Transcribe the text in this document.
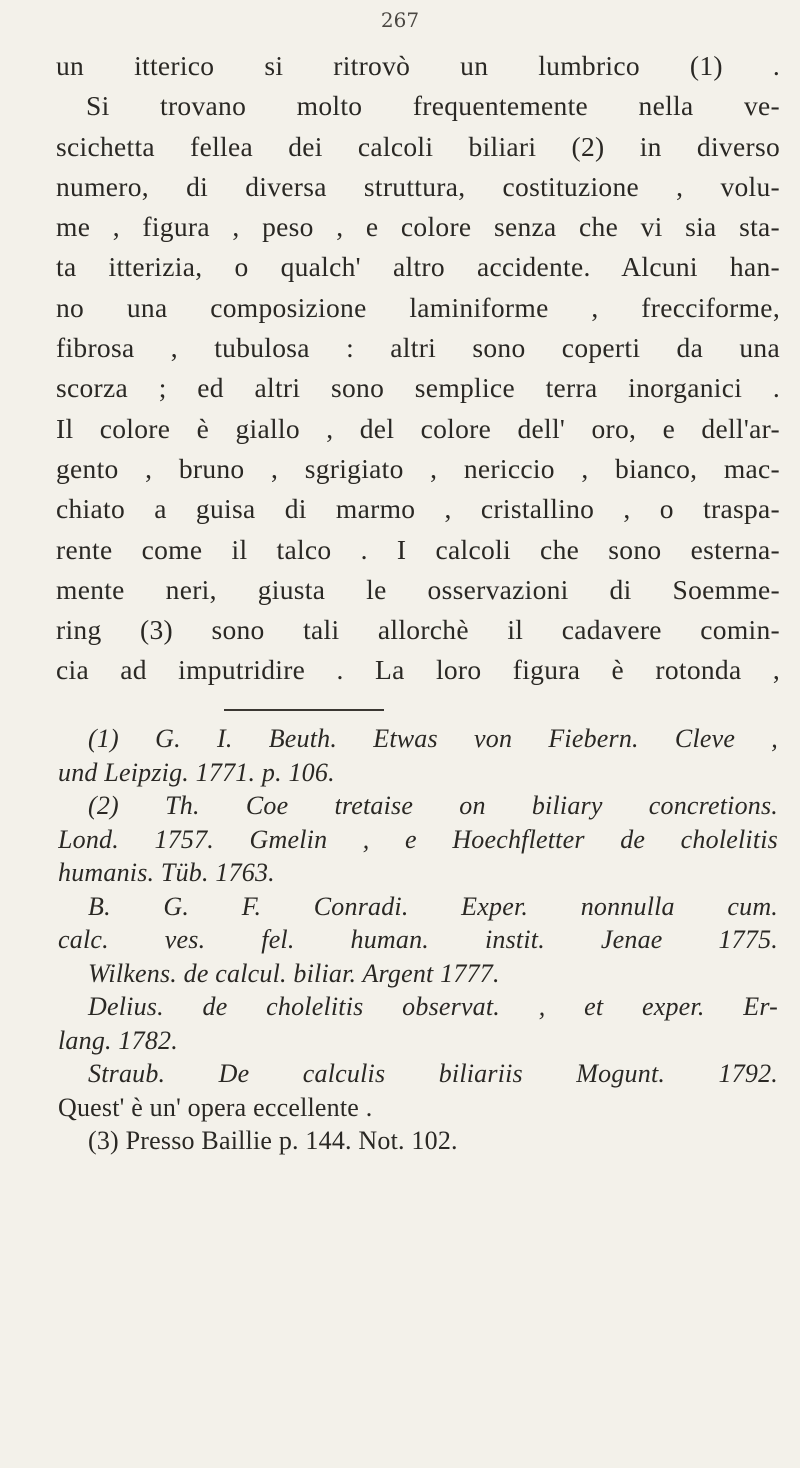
267
un itterico si ritrovò un lumbrico (1) .
Si trovano molto frequentemente nella ve-
scichetta fellea dei calcoli biliari (2) in diverso
numero, di diversa struttura, costituzione , volu-
me , figura , peso , e colore senza che vi sia sta-
ta itterizia, o qualch' altro accidente. Alcuni han-
no una composizione laminiforme , frecciforme,
fibrosa , tubulosa : altri sono coperti da una
scorza ; ed altri sono semplice terra inorganici .
Il colore è giallo , del colore dell' oro, e dell'ar-
gento , bruno , sgrigiato , nericcio , bianco, mac-
chiato a guisa di marmo , cristallino , o traspa-
rente come il talco . I calcoli che sono esterna-
mente neri, giusta le osservazioni di Soemme-
ring (3) sono tali allorchè il cadavere comin-
cia ad imputridire . La loro figura è rotonda ,
(1) G. I. Beuth. Etwas von Fiebern. Cleve ,
und Leipzig. 1771. p. 106.
(2) Th. Coe tretaise on biliary concretions.
Lond. 1757. Gmelin , e Hoechfletter de cholelitis
humanis. Tüb. 1763.
B. G. F. Conradi. Exper. nonnulla cum.
calc. ves. fel. human. instit. Jenae 1775.
Wilkens. de calcul. biliar. Argent 1777.
Delius. de cholelitis observat. , et exper. Er-
lang. 1782.
Straub. De calculis biliariis Mogunt. 1792.
Quest' è un' opera eccellente .
(3) Presso Baillie p. 144. Not. 102.
